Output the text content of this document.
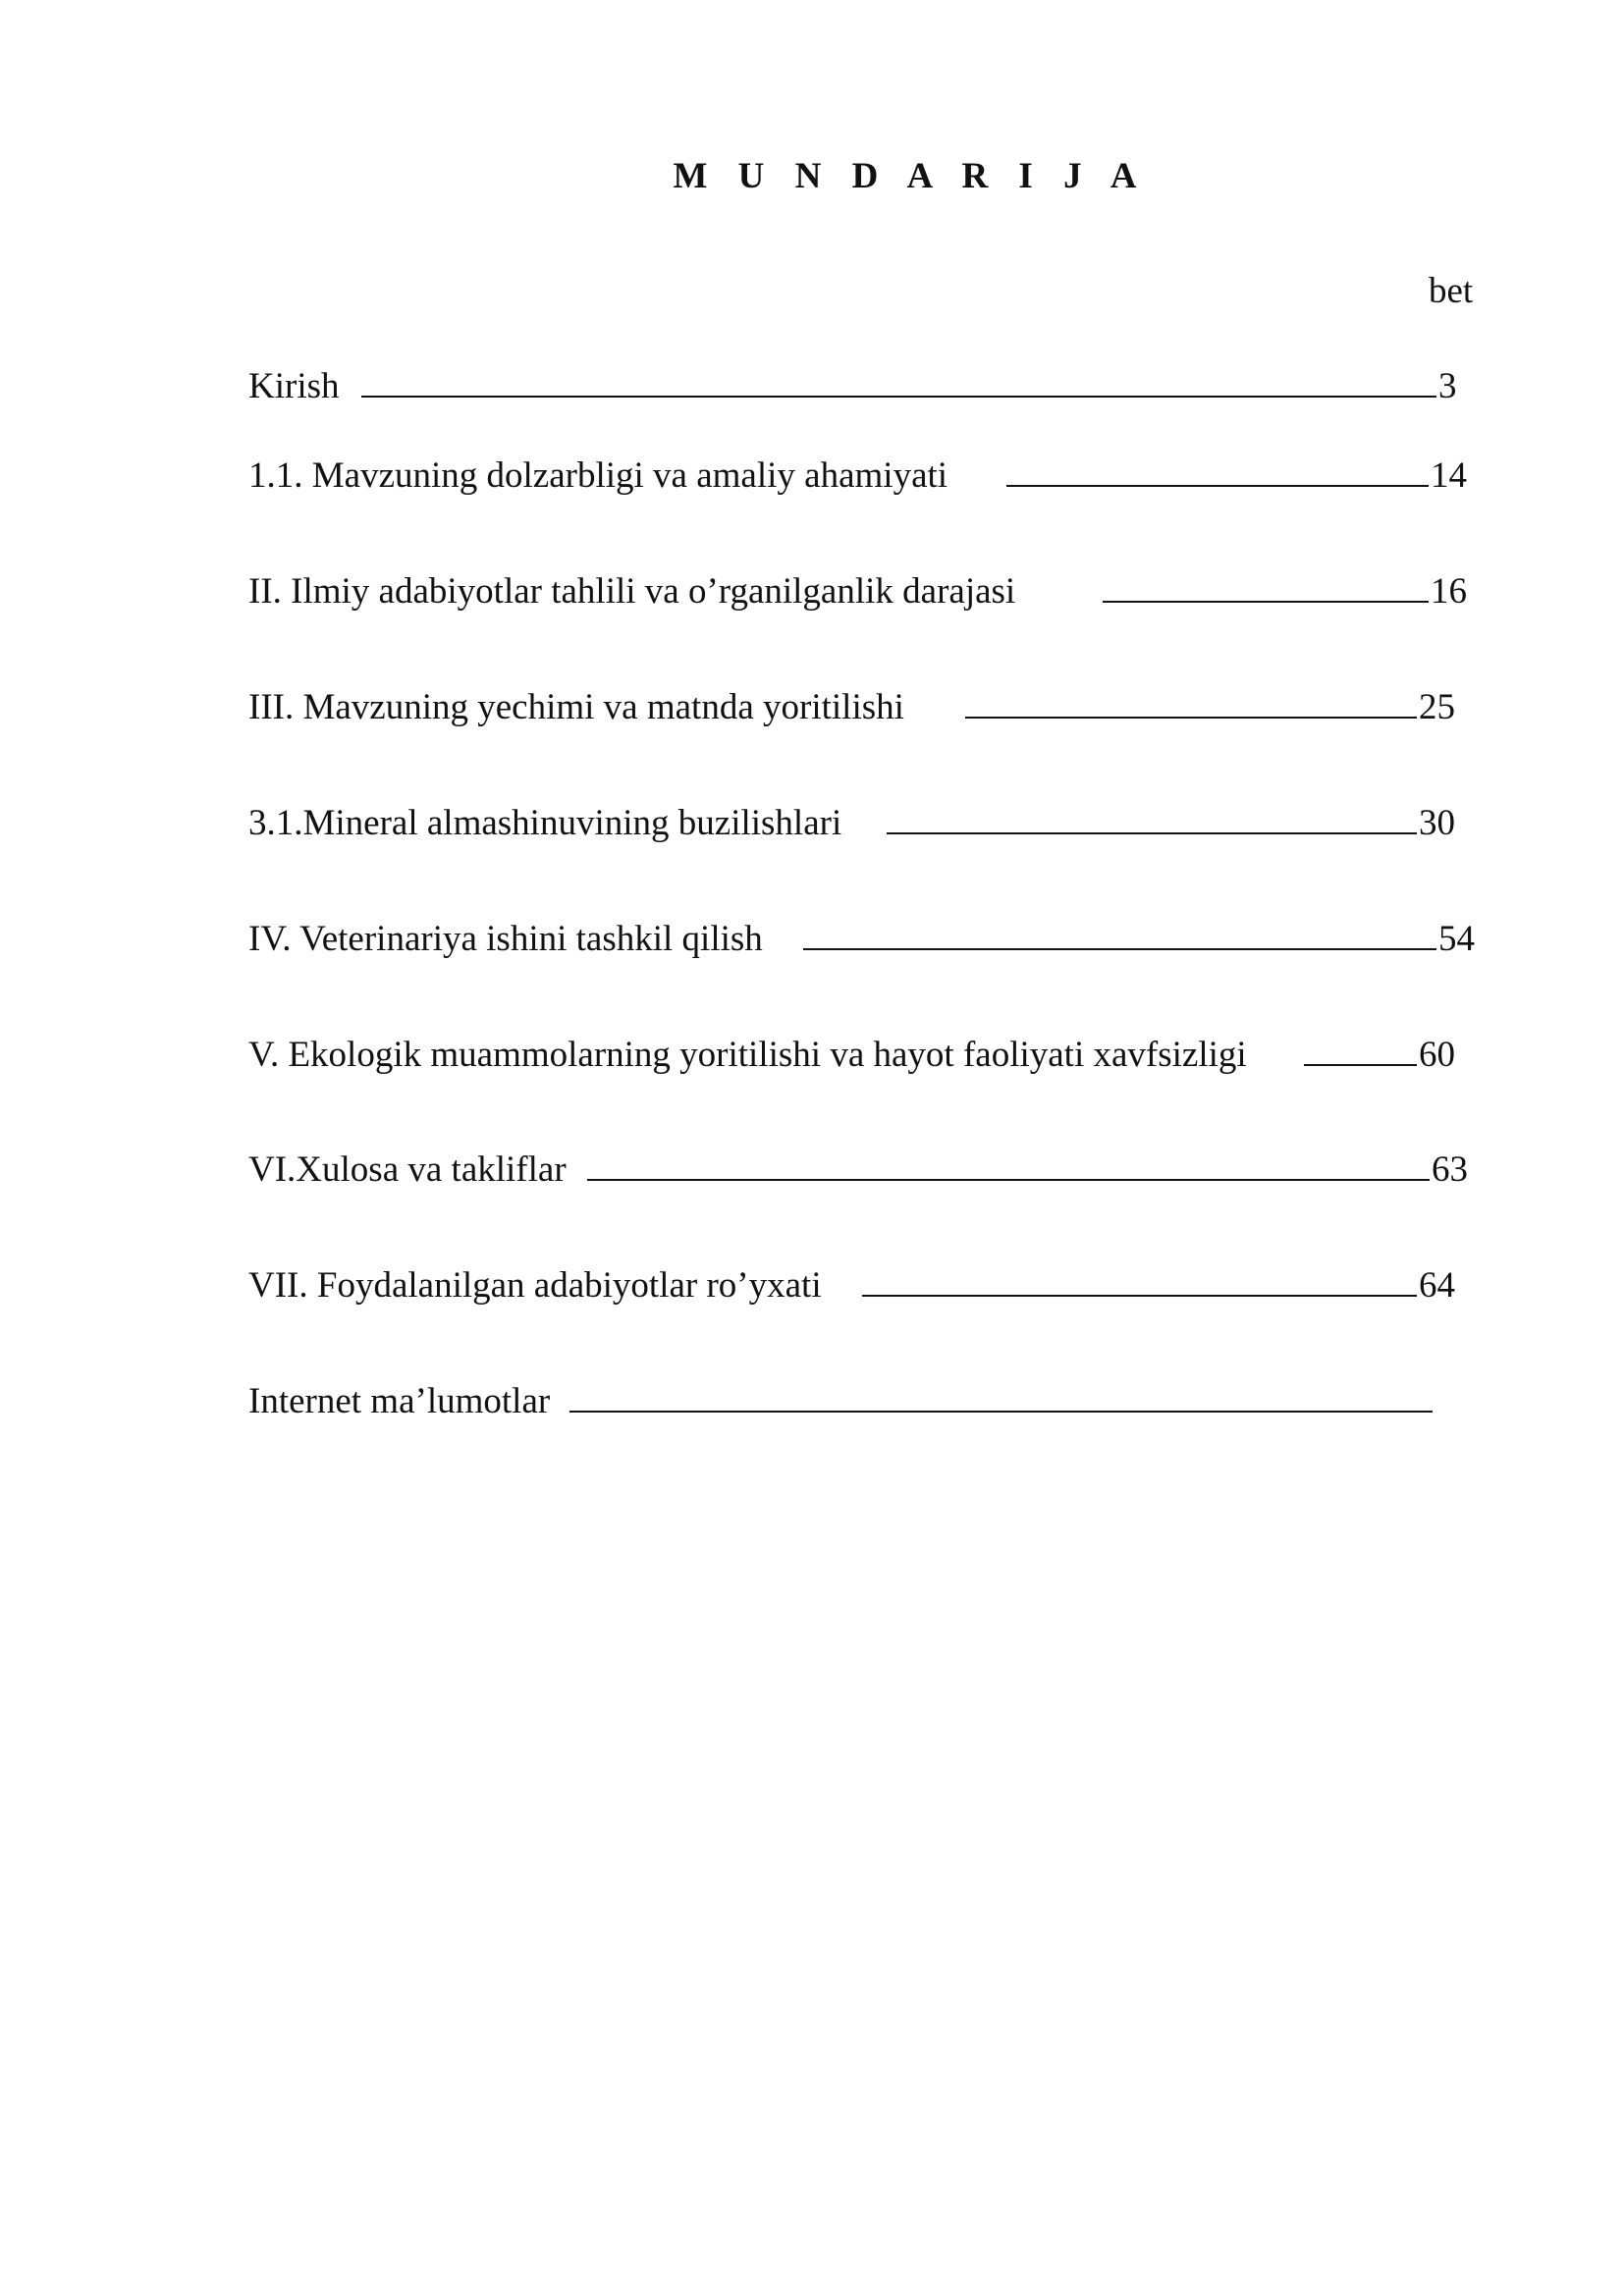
M U N D A R I J A
bet
Kirish	3
1.1. Mavzuning dolzarbligi va amaliy ahamiyati	14
II. Ilmiy adabiyotlar tahlili va o’rganilganlik darajasi	16
III. Mavzuning yechimi va matnda yoritilishi	25
3.1.Mineral almashinuvining buzilishlari	30
IV. Veterinariya ishini tashkil qilish	54
V. Ekologik muammolarning yoritilishi va hayot faoliyati xavfsizligi	60
VI.Xulosa va takliflar	63
VII. Foydalanilgan adabiyotlar ro’yxati	64
Internet ma’lumotlar
